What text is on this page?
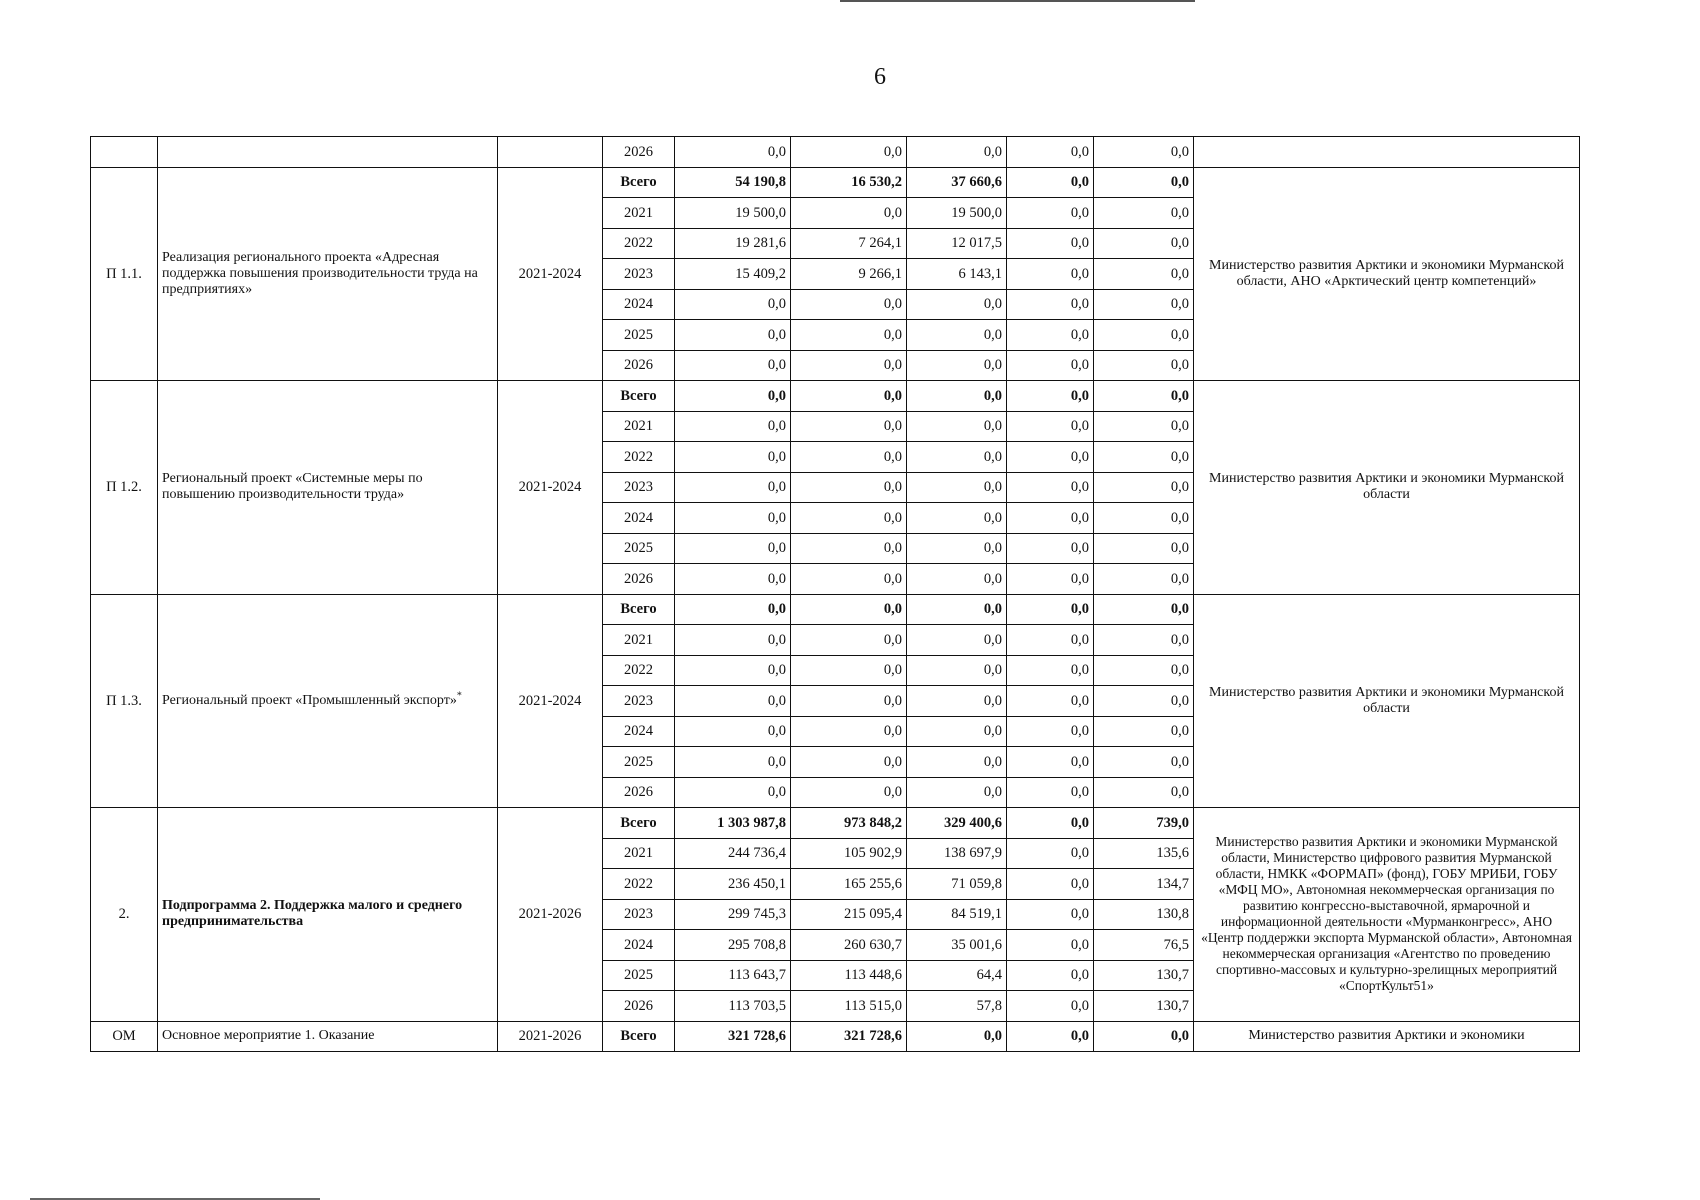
6
			2026	0,0	0,0	0,0	0,0	0,0	
П 1.1.	Реализация регионального проекта «Адресная поддержка повышения производительности труда на предприятиях»	2021-2024	Всего	54 190,8	16 530,2	37 660,6	0,0	0,0	Министерство развития Арктики и экономики Мурманской области, АНО «Арктический центр компетенций»
			2021	19 500,0	0,0	19 500,0	0,0	0,0	
			2022	19 281,6	7 264,1	12 017,5	0,0	0,0	
			2023	15 409,2	9 266,1	6 143,1	0,0	0,0	
			2024	0,0	0,0	0,0	0,0	0,0	
			2025	0,0	0,0	0,0	0,0	0,0	
			2026	0,0	0,0	0,0	0,0	0,0	
П 1.2.	Региональный проект «Системные меры по повышению производительности труда»	2021-2024	Всего	0,0	0,0	0,0	0,0	0,0	Министерство развития Арктики и экономики Мурманской области
			2021	0,0	0,0	0,0	0,0	0,0	
			2022	0,0	0,0	0,0	0,0	0,0	
			2023	0,0	0,0	0,0	0,0	0,0	
			2024	0,0	0,0	0,0	0,0	0,0	
			2025	0,0	0,0	0,0	0,0	0,0	
			2026	0,0	0,0	0,0	0,0	0,0	
П 1.3.	Региональный проект «Промышленный экспорт»*	2021-2024	Всего	0,0	0,0	0,0	0,0	0,0	Министерство развития Арктики и экономики Мурманской области
			2021	0,0	0,0	0,0	0,0	0,0	
			2022	0,0	0,0	0,0	0,0	0,0	
			2023	0,0	0,0	0,0	0,0	0,0	
			2024	0,0	0,0	0,0	0,0	0,0	
			2025	0,0	0,0	0,0	0,0	0,0	
			2026	0,0	0,0	0,0	0,0	0,0	
2.	Подпрограмма 2. Поддержка малого и среднего предпринимательства	2021-2026	Всего	1 303 987,8	973 848,2	329 400,6	0,0	739,0	Министерство развития Арктики и экономики Мурманской области, Министерство цифрового развития Мурманской области, НМКК «ФОРМАП» (фонд), ГОБУ МРИБИ, ГОБУ «МФЦ МО», Автономная некоммерческая организация по развитию конгрессно-выставочной, ярмарочной и информационной деятельности «Мурманконгресс», АНО «Центр поддержки экспорта Мурманской области», Автономная некоммерческая организация «Агентство по проведению спортивно-массовых и культурно-зрелищных мероприятий «СпортКульт51»
			2021	244 736,4	105 902,9	138 697,9	0,0	135,6	
			2022	236 450,1	165 255,6	71 059,8	0,0	134,7	
			2023	299 745,3	215 095,4	84 519,1	0,0	130,8	
			2024	295 708,8	260 630,7	35 001,6	0,0	76,5	
			2025	113 643,7	113 448,6	64,4	0,0	130,7	
			2026	113 703,5	113 515,0	57,8	0,0	130,7	
ОМ	Основное мероприятие 1. Оказание	2021-2026	Всего	321 728,6	321 728,6	0,0	0,0	0,0	Министерство развития Арктики и экономики
